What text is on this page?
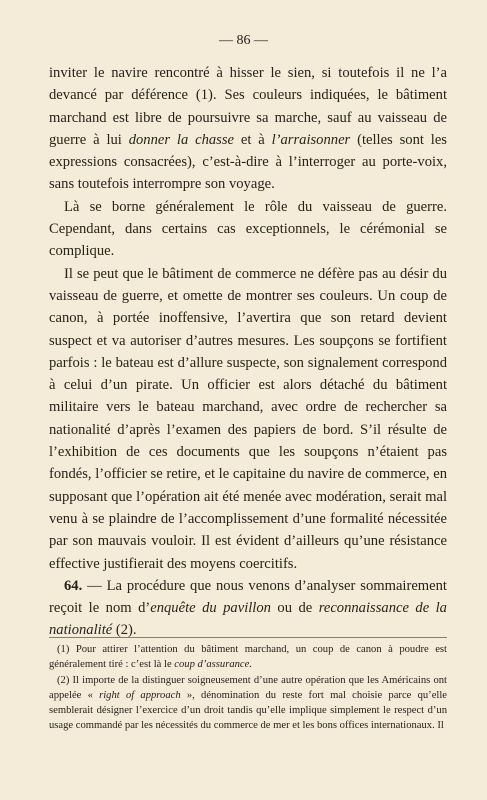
— 86 —

inviter le navire rencontré à hisser le sien, si toutefois il ne l’a devancé par déférence (1). Ses couleurs indiquées, le bâtiment marchand est libre de poursuivre sa marche, sauf au vaisseau de guerre à lui donner la chasse et à l’arraisonner (telles sont les expressions consacrées), c’est-à-dire à l’interroger au porte-voix, sans toutefois interrompre son voyage.

Là se borne généralement le rôle du vaisseau de guerre. Cependant, dans certains cas exceptionnels, le cérémonial se complique.

Il se peut que le bâtiment de commerce ne défère pas au désir du vaisseau de guerre, et omette de montrer ses couleurs. Un coup de canon, à portée inoffensive, l’avertira que son retard devient suspect et va autoriser d’autres mesures. Les soupçons se fortifient parfois : le bateau est d’allure suspecte, son signalement correspond à celui d’un pirate. Un officier est alors détaché du bâtiment militaire vers le bateau marchand, avec ordre de rechercher sa nationalité d’après l’examen des papiers de bord. S’il résulte de l’exhibition de ces documents que les soupçons n’étaient pas fondés, l’officier se retire, et le capitaine du navire de commerce, en supposant que l’opération ait été menée avec modération, serait mal venu à se plaindre de l’accomplissement d’une formalité nécessitée par son mauvais vouloir. Il est évident d’ailleurs qu’une résistance effective justifierait des moyens coercitifs.

64. — La procédure que nous venons d’analyser sommairement reçoit le nom d’enquête du pavillon ou de reconnaissance de la nationalité (2).

(1) Pour attirer l’attention du bâtiment marchand, un coup de canon à poudre est généralement tiré : c’est là le coup d’assurance.

(2) Il importe de la distinguer soigneusement d’une autre opération que les Américains ont appelée « right of approach », dénomination du reste fort mal choisie parce qu’elle semblerait désigner l’exercice d’un droit tandis qu’elle implique simplement le respect d’un usage commandé par les nécessités du commerce de mer et les bons offices internationaux. Il
